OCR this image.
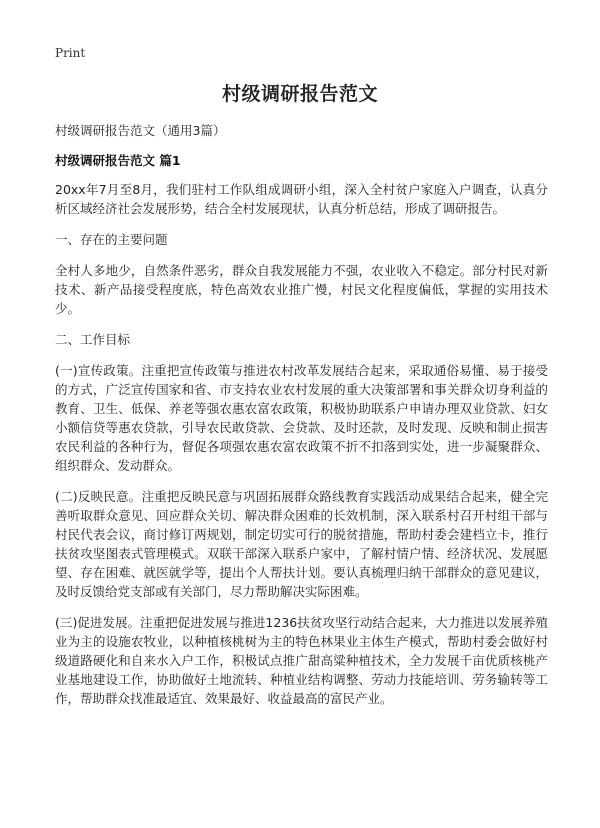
Print
村级调研报告范文
村级调研报告范文（通用3篇）
村级调研报告范文 篇1

20xx年7月至8月，我们驻村工作队组成调研小组，深入全村贫户家庭入户调查，认真分析区域经济社会发展形势，结合全村发展现状，认真分析总结，形成了调研报告。

一、存在的主要问题

全村人多地少，自然条件恶劣，群众自我发展能力不强，农业收入不稳定。部分村民对新技术、新产品接受程度底，特色高效农业推广慢，村民文化程度偏低，掌握的实用技术少。

二、工作目标

(一)宣传政策。注重把宣传政策与推进农村改革发展结合起来，采取通俗易懂、易于接受的方式，广泛宣传国家和省、市支持农业农村发展的重大决策部署和事关群众切身利益的教育、卫生、低保、养老等强农惠农富农政策，积极协助联系户申请办理双业贷款、妇女小额信贷等惠农贷款，引导农民敢贷款、会贷款、及时还款，及时发现、反映和制止损害农民利益的各种行为，督促各项强农惠农富农政策不折不扣落到实处，进一步凝聚群众、组织群众、发动群众。

(二)反映民意。注重把反映民意与巩固拓展群众路线教育实践活动成果结合起来，健全完善听取群众意见、回应群众关切、解决群众困难的长效机制，深入联系村召开村组干部与村民代表会议，商讨修订两规划，制定切实可行的脱贫措施，帮助村委会建档立卡，推行扶贫攻坚图表式管理模式。双联干部深入联系户家中，了解村情户情、经济状况、发展愿望、存在困难、就医就学等，提出个人帮扶计划。要认真梳理归纳干部群众的意见建议，及时反馈给党支部或有关部门，尽力帮助解决实际困难。

(三)促进发展。注重把促进发展与推进1236扶贫攻坚行动结合起来，大力推进以发展养殖业为主的设施农牧业，以种植核桃树为主的特色林果业主体生产模式，帮助村委会做好村级道路硬化和自来水入户工作，积极试点推广甜高粱种植技术，全力发展千亩优质核桃产业基地建设工作，协助做好土地流转、种植业结构调整、劳动力技能培训、劳务输转等工作，帮助群众找准最适宜、效果最好、收益最高的富民产业。
